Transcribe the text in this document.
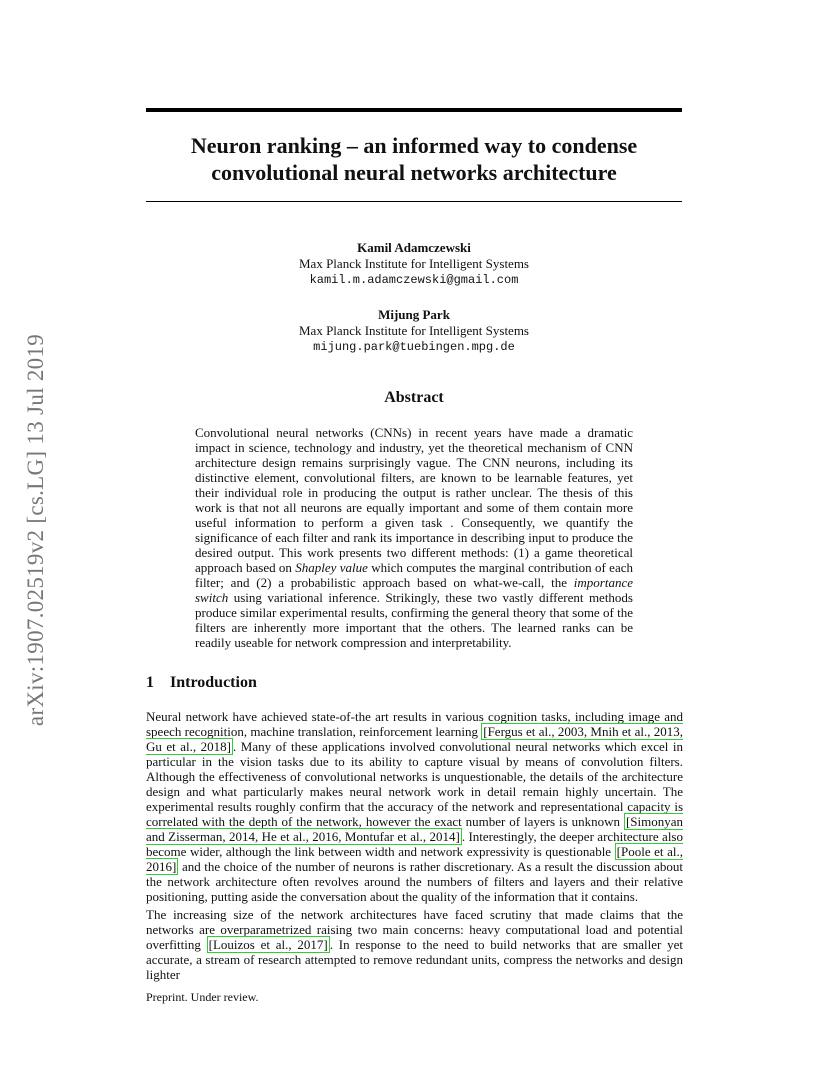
arXiv:1907.02519v2 [cs.LG] 13 Jul 2019
Neuron ranking – an informed way to condense
convolutional neural networks architecture
Kamil Adamczewski
Max Planck Institute for Intelligent Systems
kamil.m.adamczewski@gmail.com
Mijung Park
Max Planck Institute for Intelligent Systems
mijung.park@tuebingen.mpg.de
Abstract
Convolutional neural networks (CNNs) in recent years have made a dramatic impact in science, technology and industry, yet the theoretical mechanism of CNN architecture design remains surprisingly vague. The CNN neurons, including its distinctive element, convolutional filters, are known to be learnable features, yet their individual role in producing the output is rather unclear. The thesis of this work is that not all neurons are equally important and some of them contain more useful information to perform a given task . Consequently, we quantify the significance of each filter and rank its importance in describing input to produce the desired output. This work presents two different methods: (1) a game theoretical approach based on Shapley value which computes the marginal contribution of each filter; and (2) a probabilistic approach based on what-we-call, the importance switch using variational inference. Strikingly, these two vastly different methods produce similar experimental results, confirming the general theory that some of the filters are inherently more important that the others. The learned ranks can be readily useable for network compression and interpretability.
1 Introduction
Neural network have achieved state-of-the art results in various cognition tasks, including image and speech recognition, machine translation, reinforcement learning [Fergus et al., 2003, Mnih et al., 2013, Gu et al., 2018] . Many of these applications involved convolutional neural networks which excel in particular in the vision tasks due to its ability to capture visual by means of convolution filters. Although the effectiveness of convolutional networks is unquestionable, the details of the architecture design and what particularly makes neural network work in detail remain highly uncertain. The experimental results roughly confirm that the accuracy of the network and representational capacity is correlated with the depth of the network, however the exact number of layers is unknown [Simonyan and Zisserman, 2014, He et al., 2016, Montufar et al., 2014] . Interestingly, the deeper architecture also become wider, although the link between width and network expressivity is questionable [Poole et al., 2016] and the choice of the number of neurons is rather discretionary. As a result the discussion about the network architecture often revolves around the numbers of filters and layers and their relative positioning, putting aside the conversation about the quality of the information that it contains.
The increasing size of the network architectures have faced scrutiny that made claims that the networks are overparametrized raising two main concerns: heavy computational load and potential overfitting [Louizos et al., 2017] . In response to the need to build networks that are smaller yet accurate, a stream of research attempted to remove redundant units, compress the networks and design lighter
Preprint. Under review.
